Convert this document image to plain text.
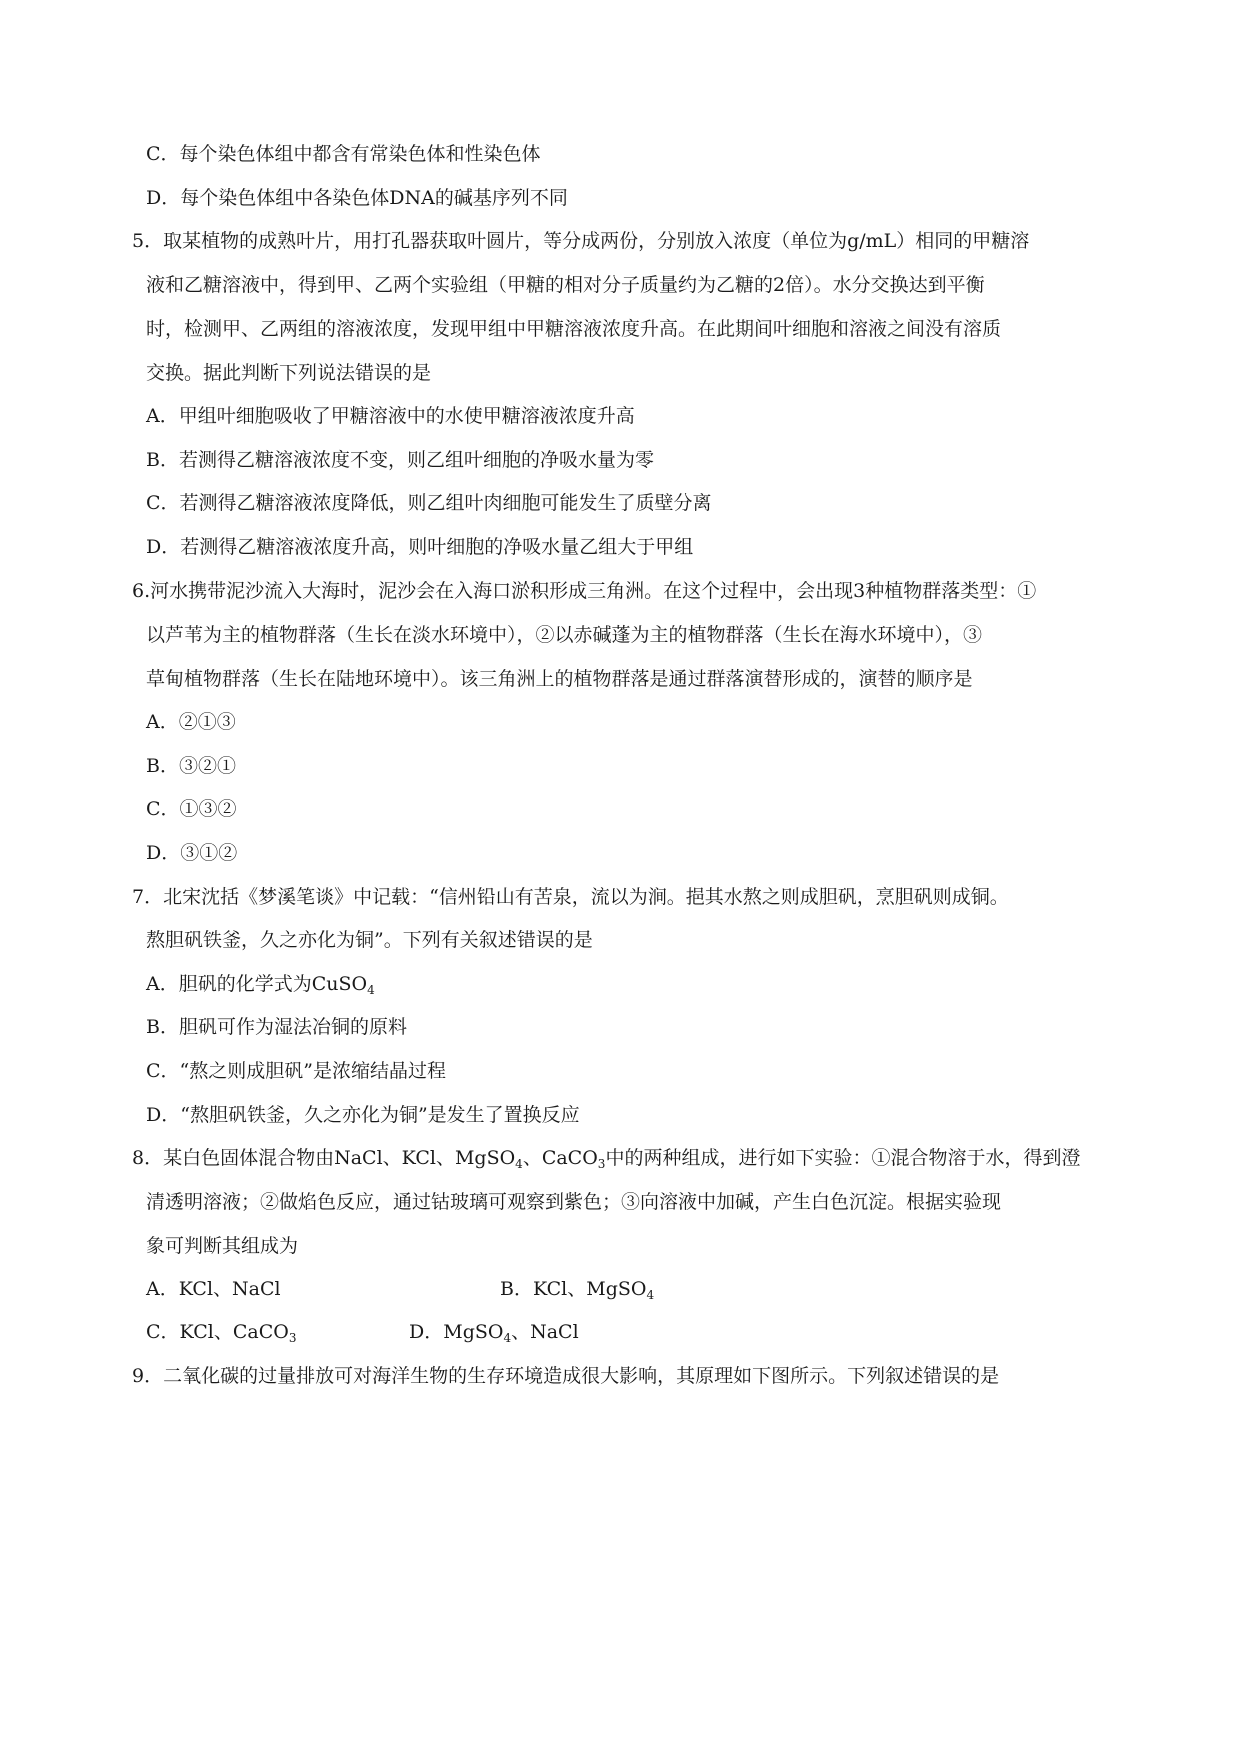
C．每个染色体组中都含有常染色体和性染色体
D．每个染色体组中各染色体DNA的碱基序列不同
5．取某植物的成熟叶片，用打孔器获取叶圆片，等分成两份，分别放入浓度（单位为g/mL）相同的甲糖溶
液和乙糖溶液中，得到甲、乙两个实验组（甲糖的相对分子质量约为乙糖的2倍）。水分交换达到平衡
时，检测甲、乙两组的溶液浓度，发现甲组中甲糖溶液浓度升高。在此期间叶细胞和溶液之间没有溶质
交换。据此判断下列说法错误的是
A．甲组叶细胞吸收了甲糖溶液中的水使甲糖溶液浓度升高
B．若测得乙糖溶液浓度不变，则乙组叶细胞的净吸水量为零
C．若测得乙糖溶液浓度降低，则乙组叶肉细胞可能发生了质壁分离
D．若测得乙糖溶液浓度升高，则叶细胞的净吸水量乙组大于甲组
6.河水携带泥沙流入大海时，泥沙会在入海口淤积形成三角洲。在这个过程中，会出现3种植物群落类型：①
以芦苇为主的植物群落（生长在淡水环境中），②以赤碱蓬为主的植物群落（生长在海水环境中），③
草甸植物群落（生长在陆地环境中）。该三角洲上的植物群落是通过群落演替形成的，演替的顺序是
A．②①③
B．③②①
C．①③②
D．③①②
7．北宋沈括《梦溪笔谈》中记载：“信州铅山有苦泉，流以为涧。挹其水熬之则成胆矾，烹胆矾则成铜。
熬胆矾铁釜，久之亦化为铜”。下列有关叙述错误的是
A．胆矾的化学式为CuSO$_4$
B．胆矾可作为湿法冶铜的原料
C．“熬之则成胆矾”是浓缩结晶过程
D．“熬胆矾铁釜，久之亦化为铜”是发生了置换反应
8．某白色固体混合物由NaCl、KCl、MgSO$_4$、CaCO$_3$中的两种组成，进行如下实验：①混合物溶于水，得到澄
清透明溶液；②做焰色反应，通过钴玻璃可观察到紫色；③向溶液中加碱，产生白色沉淀。根据实验现
象可判断其组成为
A．KCl、NaCl	B．KCl、MgSO$_4$
C．KCl、CaCO$_3$	D．MgSO$_4$、NaCl
9．二氧化碳的过量排放可对海洋生物的生存环境造成很大影响，其原理如下图所示。下列叙述错误的是
